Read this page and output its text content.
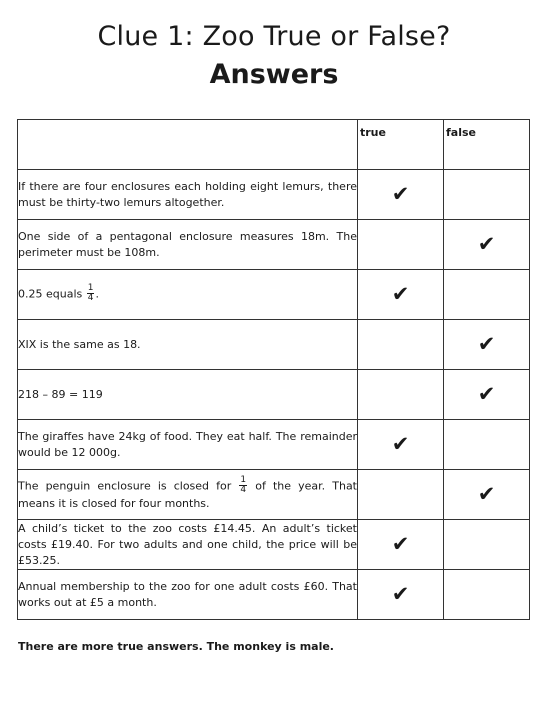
Clue 1: Zoo True or False?
Answers
	true	false
If there are four enclosures each holding eight lemurs, there must be thirty-two lemurs altogether.	✔	
One side of a pentagonal enclosure measures 18m. The perimeter must be 108m.		✔
0.25 equals $\frac{1}{4}$ .	✔	
XIX is the same as 18.		✔
218 – 89 = 119		✔
The giraffes have 24kg of food. They eat half. The remainder would be 12 000g.	✔	
The penguin enclosure is closed for $\frac{1}{4}$ of the year. That means it is closed for four months.		✔
A child’s ticket to the zoo costs £14.45. An adult’s ticket costs £19.40. For two adults and one child, the price will be £53.25.	✔	
Annual membership to the zoo for one adult costs £60. That works out at £5 a month.	✔	
There are more true answers. The monkey is male.
